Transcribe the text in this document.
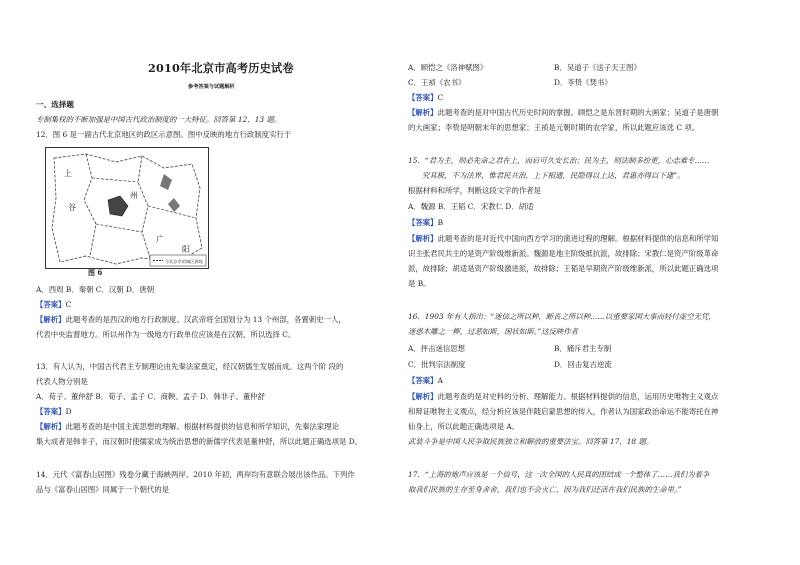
2010年北京市高考历史试卷
参考答案与试题解析
一、选择题
专制集权的不断加强是中国古代政治制度的一大特征。回答第 12、13 题。
12．图 6 是一副古代北京地区的政区示意图。图中反映的地方行政制度实行于
上
谷
州
广
阳
今北京市的城区界线
图 6
A．西周 B．秦朝 C．汉朝 D．唐朝
【答案】C
【解析】此题考查的是西汉的地方行政制度。汉武帝将全国划分为 13 个州部，各置刺史一人，
代表中央监督地方。所以州作为一级地方行政单位应该是在汉朝，所以选择 C。
13．有人认为，中国古代君主专制理论由先秦法家奠定，经汉朝儒生发展而成。这两个阶 段的
代表人物分别是
A．荀子、董仲舒 B．荀子、孟子 C．商鞅、孟子 D．韩非子、董仲舒
【答案】D
【解析】此题考查的是中国主流思想的理解。根据材料提供的信息和所学知识，先秦法家理论
集大成者是韩非子，而汉朝时使儒家成为统治思想的新儒学代表是董仲舒，所以此题正确选项是 D。
14．元代《富春山居图》残卷分藏于海峡两岸。2010 年初，两岸均有意联合展出该作品。下列作
品与《富春山居图》同属于一个朝代的是
A．顾恺之《洛神赋图》	B．吴道子《送子天王图》
C．王祯《农书》	D．李贽《焚书》
【答案】C
【解析】此题考查的是对中国古代历史时间的掌握。顾恺之是东晋时期的大画家；吴道子是唐朝
的大画家；李贽是明朝末年的思想家；王祯是元朝时期的农学家，所以此题应该选 C 项。
15．“君为主，则必先命之君在上，而后可久安长治；民为主，则法制多纷更，心志难专……
究其极，不为法界，惟君民共治，上下相通，民隐得以上达，君惠亦得以下逮”。
根据材料和所学，判断这段文字的作者是
A．魏源 B．王韬 C．宋教仁 D．胡适
【答案】B
【解析】此题考查的是对近代中国向西方学习的演进过程的理解。根据材料提供的信息和所学知
识主张君民共主的是资产阶级维新派。魏源是地主阶级抵抗派，故排除；宋教仁是资产阶级革命
派，故排除；胡适是资产阶级激进派，故排除；王韬是早期资产阶级维新派，所以此题正确选项
是 B。
16．1903 年有人指出：“迷信之所以种，断丧之所以种……以重要家国大事而轻付虚空无凭，
迷惑木雕之一柳，过恶如斯，困状如斯。”这反映作者
A．抨击迷信思想	B．痛斥君主专制
C．批判宗法制度	D．回击复古逆流
【答案】A
【解析】此题考查的是对史料的分析、理解能力。根据材料提供的信息，运用历史唯物主义观点
和辩证唯物主义观点，经分析应该是伴随启蒙思想的传入，作者认为国家政治命运不能寄托在神
仙身上，所以此题正确选项是 A。
武装斗争是中国人民争取民族独立和解放的重要法宝。回答第 17、18 题。
17．“上海的炮声应该是一个信号，这一次全国的人民真的团结成一个整体了……我们为着争
取我们民族的生存至身舍舍，我们也不会灭亡，因为我们还活在我们民族的生命里。”
